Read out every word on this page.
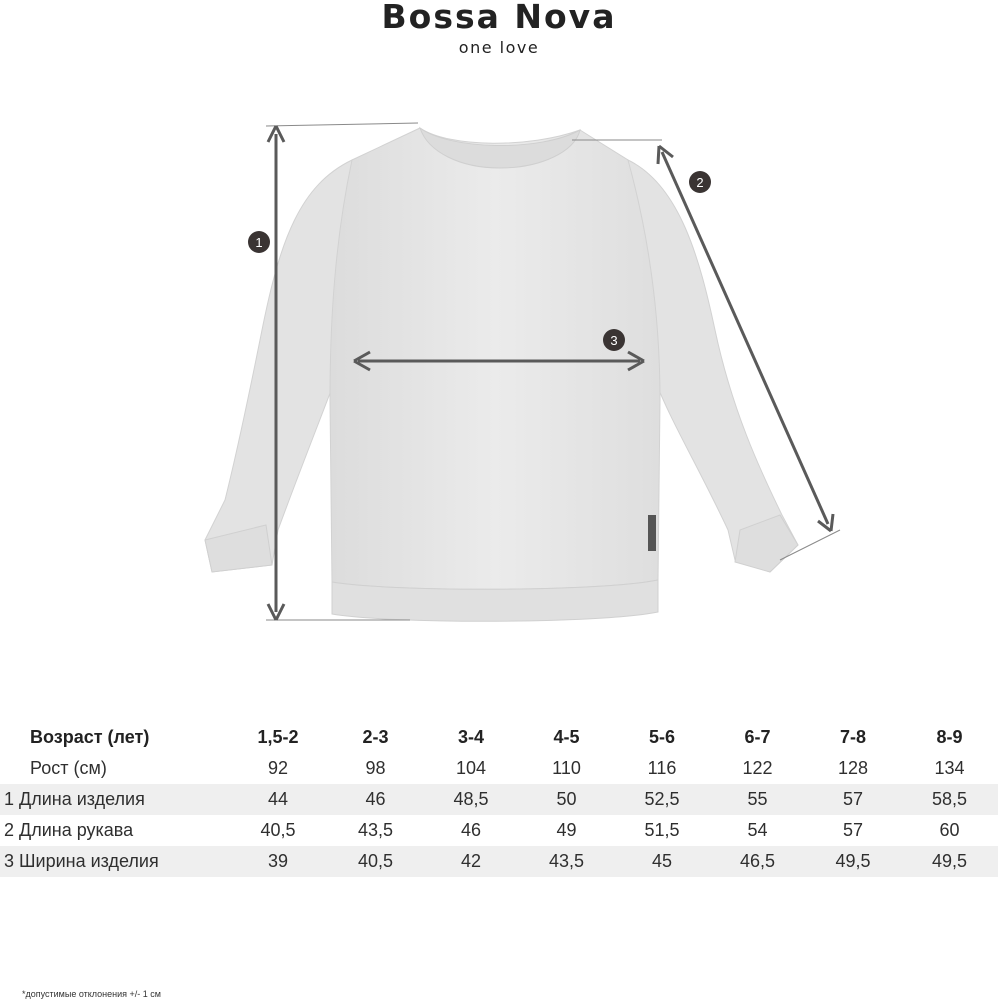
Bossa Nova
one love
1
2
3
Возраст (лет)	1,5-2	2-3	3-4	4-5	5-6	6-7	7-8	8-9
Рост (см)	92	98	104	110	116	122	128	134
1 Длина изделия	44	46	48,5	50	52,5	55	57	58,5
2 Длина рукава	40,5	43,5	46	49	51,5	54	57	60
3 Ширина изделия	39	40,5	42	43,5	45	46,5	49,5	49,5
*допустимые отклонения +/- 1 см
